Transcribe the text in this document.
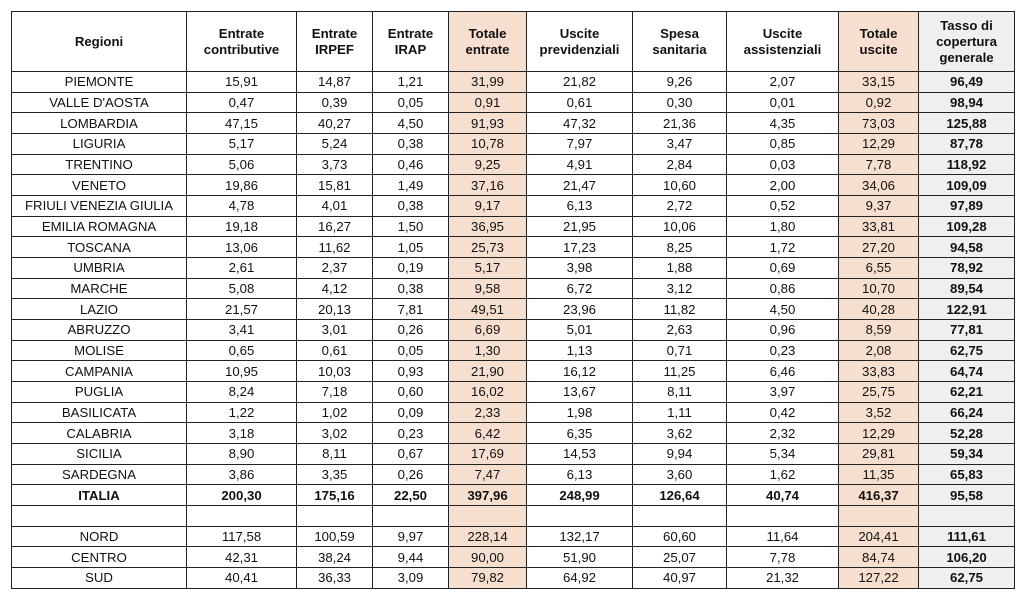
Regioni	Entrate contributive	Entrate IRPEF	Entrate IRAP	Totale entrate	Uscite previdenziali	Spesa sanitaria	Uscite assistenziali	Totale uscite	Tasso di copertura generale
PIEMONTE	15,91	14,87	1,21	31,99	21,82	9,26	2,07	33,15	96,49
VALLE D'AOSTA	0,47	0,39	0,05	0,91	0,61	0,30	0,01	0,92	98,94
LOMBARDIA	47,15	40,27	4,50	91,93	47,32	21,36	4,35	73,03	125,88
LIGURIA	5,17	5,24	0,38	10,78	7,97	3,47	0,85	12,29	87,78
TRENTINO	5,06	3,73	0,46	9,25	4,91	2,84	0,03	7,78	118,92
VENETO	19,86	15,81	1,49	37,16	21,47	10,60	2,00	34,06	109,09
FRIULI VENEZIA GIULIA	4,78	4,01	0,38	9,17	6,13	2,72	0,52	9,37	97,89
EMILIA ROMAGNA	19,18	16,27	1,50	36,95	21,95	10,06	1,80	33,81	109,28
TOSCANA	13,06	11,62	1,05	25,73	17,23	8,25	1,72	27,20	94,58
UMBRIA	2,61	2,37	0,19	5,17	3,98	1,88	0,69	6,55	78,92
MARCHE	5,08	4,12	0,38	9,58	6,72	3,12	0,86	10,70	89,54
LAZIO	21,57	20,13	7,81	49,51	23,96	11,82	4,50	40,28	122,91
ABRUZZO	3,41	3,01	0,26	6,69	5,01	2,63	0,96	8,59	77,81
MOLISE	0,65	0,61	0,05	1,30	1,13	0,71	0,23	2,08	62,75
CAMPANIA	10,95	10,03	0,93	21,90	16,12	11,25	6,46	33,83	64,74
PUGLIA	8,24	7,18	0,60	16,02	13,67	8,11	3,97	25,75	62,21
BASILICATA	1,22	1,02	0,09	2,33	1,98	1,11	0,42	3,52	66,24
CALABRIA	3,18	3,02	0,23	6,42	6,35	3,62	2,32	12,29	52,28
SICILIA	8,90	8,11	0,67	17,69	14,53	9,94	5,34	29,81	59,34
SARDEGNA	3,86	3,35	0,26	7,47	6,13	3,60	1,62	11,35	65,83
ITALIA	200,30	175,16	22,50	397,96	248,99	126,64	40,74	416,37	95,58

NORD	117,58	100,59	9,97	228,14	132,17	60,60	11,64	204,41	111,61
CENTRO	42,31	38,24	9,44	90,00	51,90	25,07	7,78	84,74	106,20
SUD	40,41	36,33	3,09	79,82	64,92	40,97	21,32	127,22	62,75
